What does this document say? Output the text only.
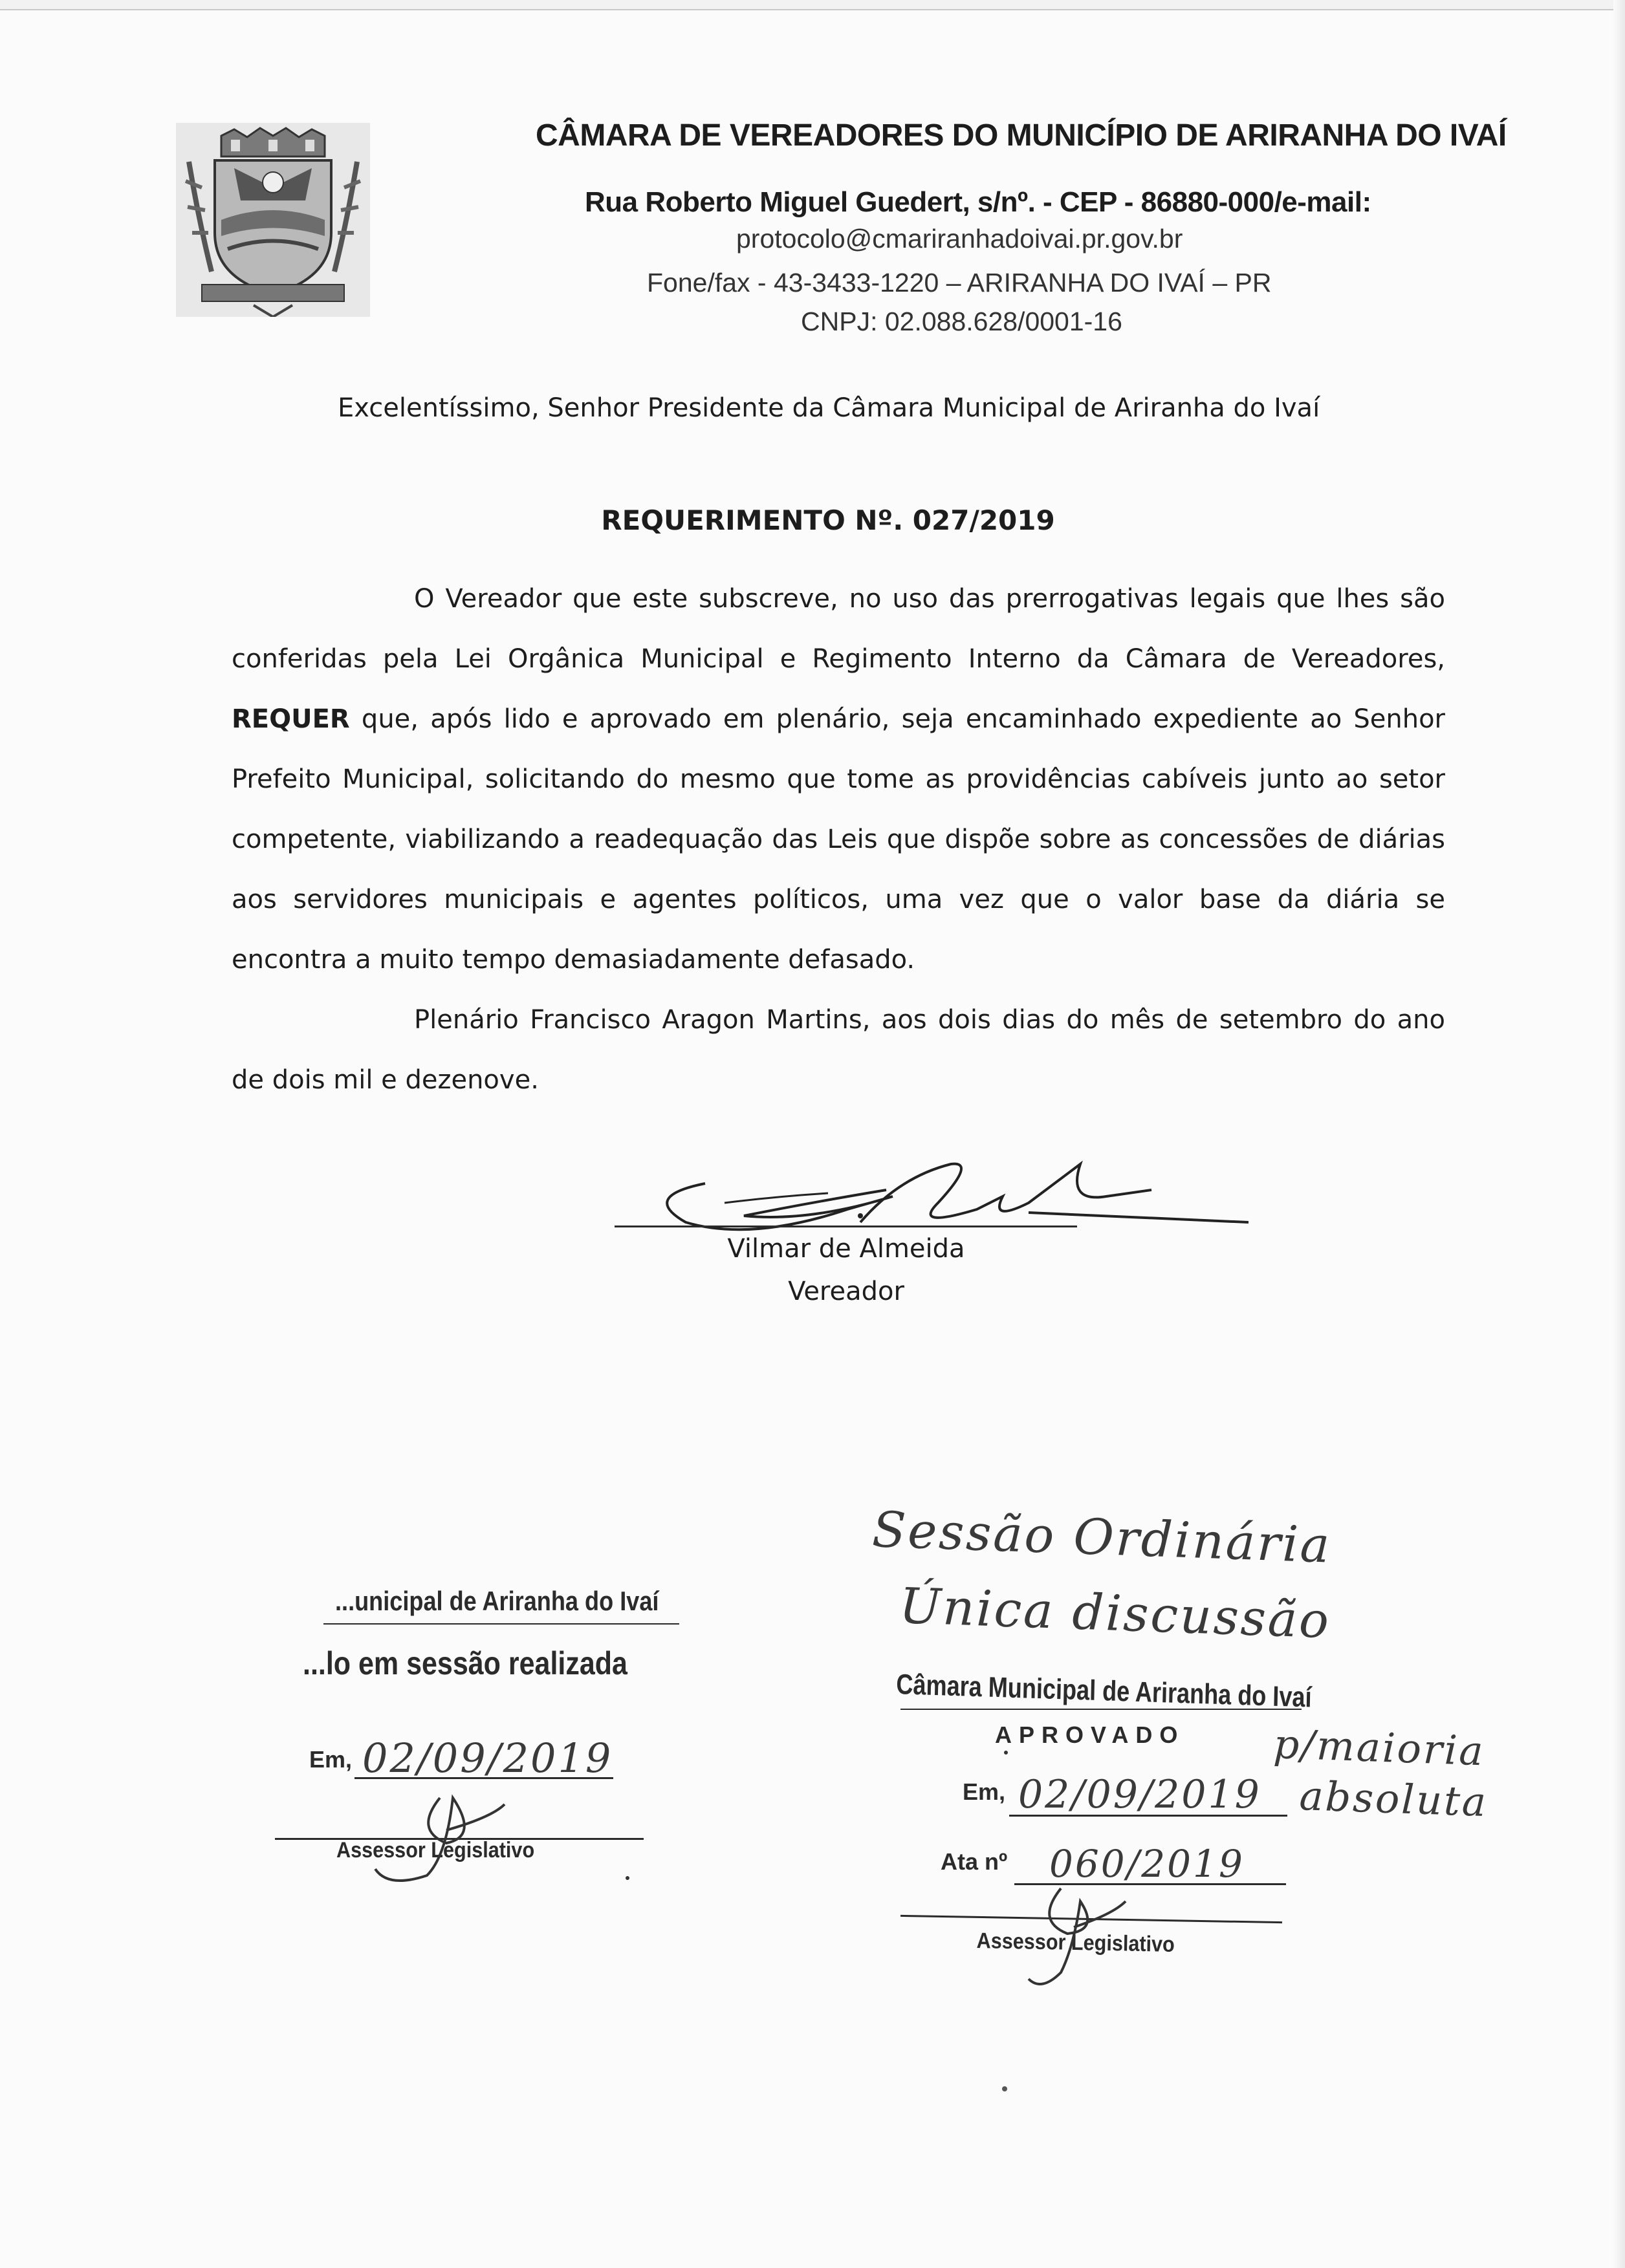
CÂMARA DE VEREADORES DO MUNICÍPIO DE ARIRANHA DO IVAÍ
Rua Roberto Miguel Guedert, s/nº. - CEP - 86880-000/e-mail:
protocolo@cmariranhadoivai.pr.gov.br
Fone/fax - 43-3433-1220 – ARIRANHA DO IVAÍ – PR
CNPJ: 02.088.628/0001-16
Excelentíssimo, Senhor Presidente da Câmara Municipal de Ariranha do Ivaí
REQUERIMENTO Nº. 027/2019

O Vereador que este subscreve, no uso das prerrogativas legais que lhes são conferidas pela Lei Orgânica Municipal e Regimento Interno da Câmara de Vereadores, REQUER que, após lido e aprovado em plenário, seja encaminhado expediente ao Senhor Prefeito Municipal, solicitando do mesmo que tome as providências cabíveis junto ao setor competente, viabilizando a readequação das Leis que dispõe sobre as concessões de diárias aos servidores municipais e agentes políticos, uma vez que o valor base da diária se encontra a muito tempo demasiadamente defasado.

Plenário Francisco Aragon Martins, aos dois dias do mês de setembro do ano de dois mil e dezenove.

Vilmar de Almeida
Vereador
Sessão Ordinária
Única discussão
...unicipal de Ariranha do Ivaí
...lo em sessão realizada
Em, 02/09/2019
Assessor Legislativo
Câmara Municipal de Ariranha do Ivaí
APROVADO p/maioria
Em, 02/09/2019 absoluta
Ata nº 060/2019
Assessor Legislativo
